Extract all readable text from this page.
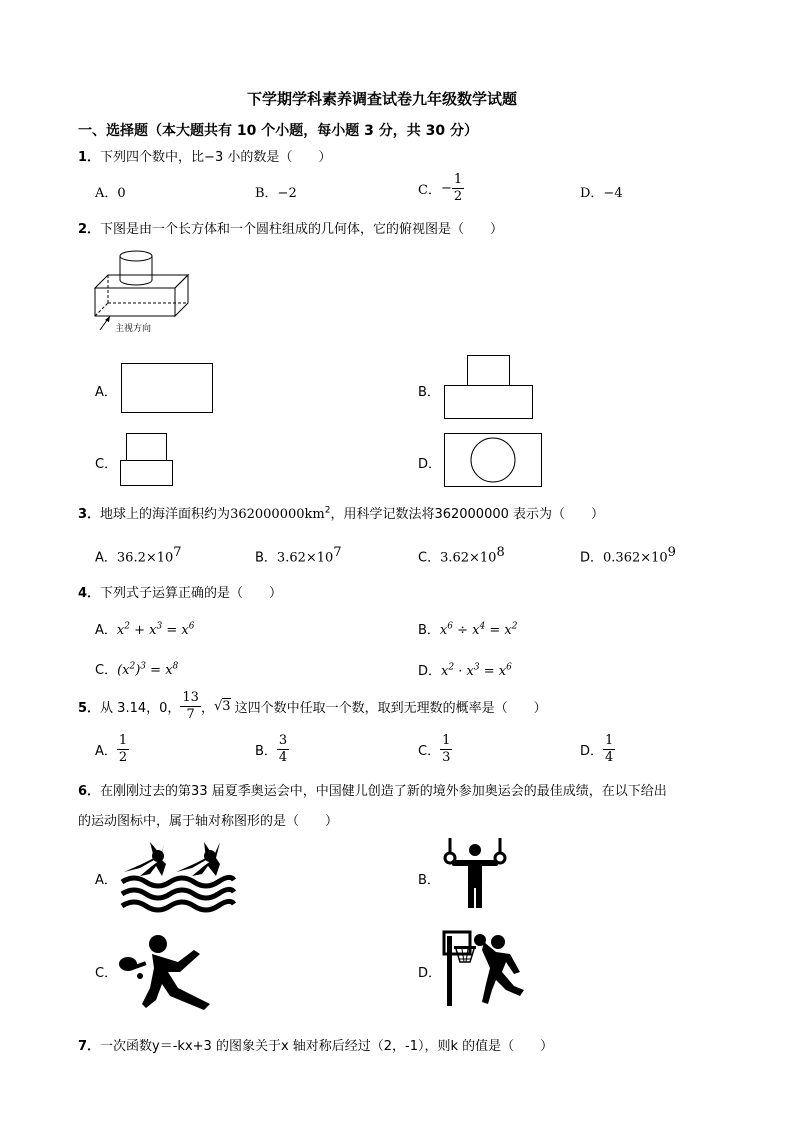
下学期学科素养调查试卷九年级数学试题
一、选择题（本大题共有 10 个小题，每小题 3 分，共 30 分）
1．下列四个数中，比−3 小的数是（　　）
A．0	B．−2	C．− $\frac{1}{2}$	D．−4
2．下图是由一个长方体和一个圆柱组成的几何体，它的俯视图是（　　）
主视方向
A．	B．
C．	D．
3．地球上的海洋面积约为$362000000km^2$，用科学记数法将362000000 表示为（　　）
A．$36.2\times 10^7$	B．$3.62\times 10^7$	C．$3.62\times 10^8$	D．$0.362\times 10^9$
4．下列式子运算正确的是（　　）
A．$x^2 + x^3 = x^6$	B．$x^6 \div x^4 = x^2$
C．$(x^2)^3 = x^8$	D．$x^2 \cdot x^3 = x^6$
5．从 3.14，0， $\frac{13}{7}$ ，√3 这四个数中任取一个数，取到无理数的概率是（　　）
A． $\frac{1}{2}$	B． $\frac{3}{4}$	C． $\frac{1}{3}$	D． $\frac{1}{4}$
6．在刚刚过去的第33 届夏季奥运会中，中国健儿创造了新的境外参加奥运会的最佳成绩，在以下给出
的运动图标中，属于轴对称图形的是（　　）
A．	B．
C．	D．
7．一次函数y＝-kx+3 的图象关于x 轴对称后经过（2，-1），则k 的值是（　　）
